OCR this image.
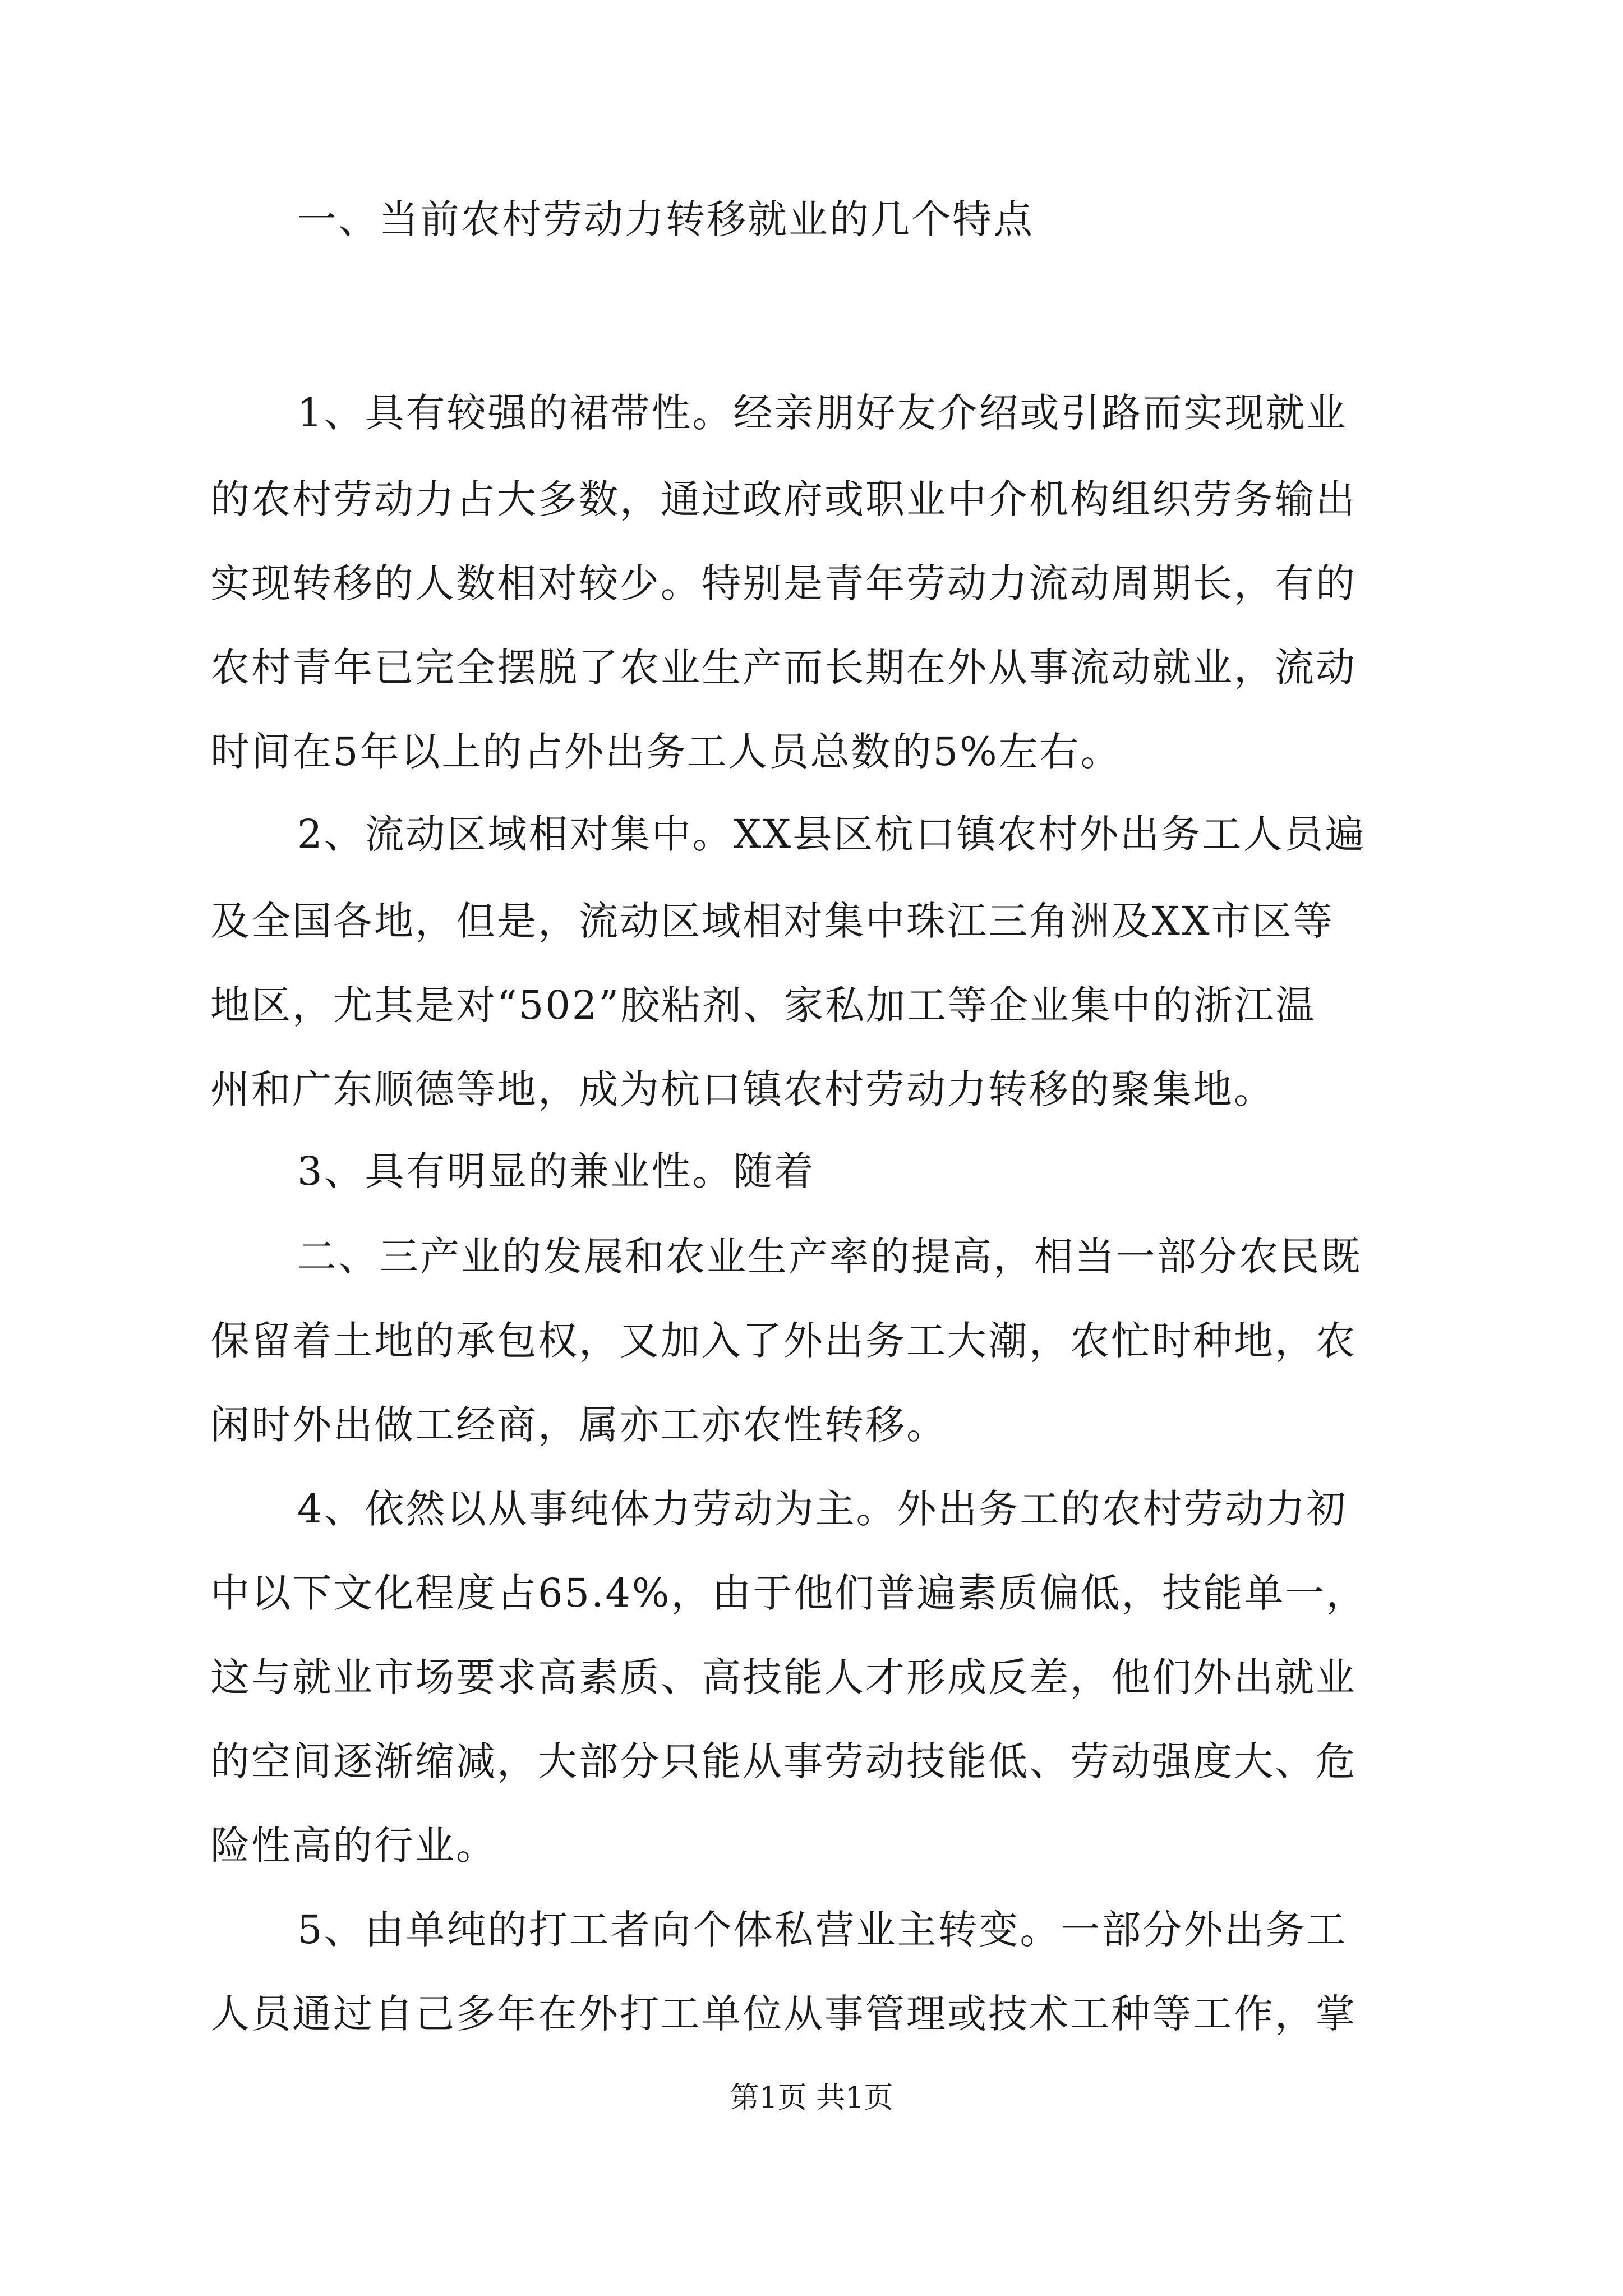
一、当前农村劳动力转移就业的几个特点
1、具有较强的裙带性。经亲朋好友介绍或引路而实现就业
的农村劳动力占大多数，通过政府或职业中介机构组织劳务输出
实现转移的人数相对较少。特别是青年劳动力流动周期长，有的
农村青年已完全摆脱了农业生产而长期在外从事流动就业，流动
时间在5年以上的占外出务工人员总数的5%左右。
2、流动区域相对集中。XX县区杭口镇农村外出务工人员遍
及全国各地，但是，流动区域相对集中珠江三角洲及XX市区等
地区，尤其是对“502”胶粘剂、家私加工等企业集中的浙江温
州和广东顺德等地，成为杭口镇农村劳动力转移的聚集地。
3、具有明显的兼业性。随着
二、三产业的发展和农业生产率的提高，相当一部分农民既
保留着土地的承包权，又加入了外出务工大潮，农忙时种地，农
闲时外出做工经商，属亦工亦农性转移。
4、依然以从事纯体力劳动为主。外出务工的农村劳动力初
中以下文化程度占65.4%，由于他们普遍素质偏低，技能单一，
这与就业市场要求高素质、高技能人才形成反差，他们外出就业
的空间逐渐缩减，大部分只能从事劳动技能低、劳动强度大、危
险性高的行业。
5、由单纯的打工者向个体私营业主转变。一部分外出务工
人员通过自己多年在外打工单位从事管理或技术工种等工作，掌
第1页 共1页
